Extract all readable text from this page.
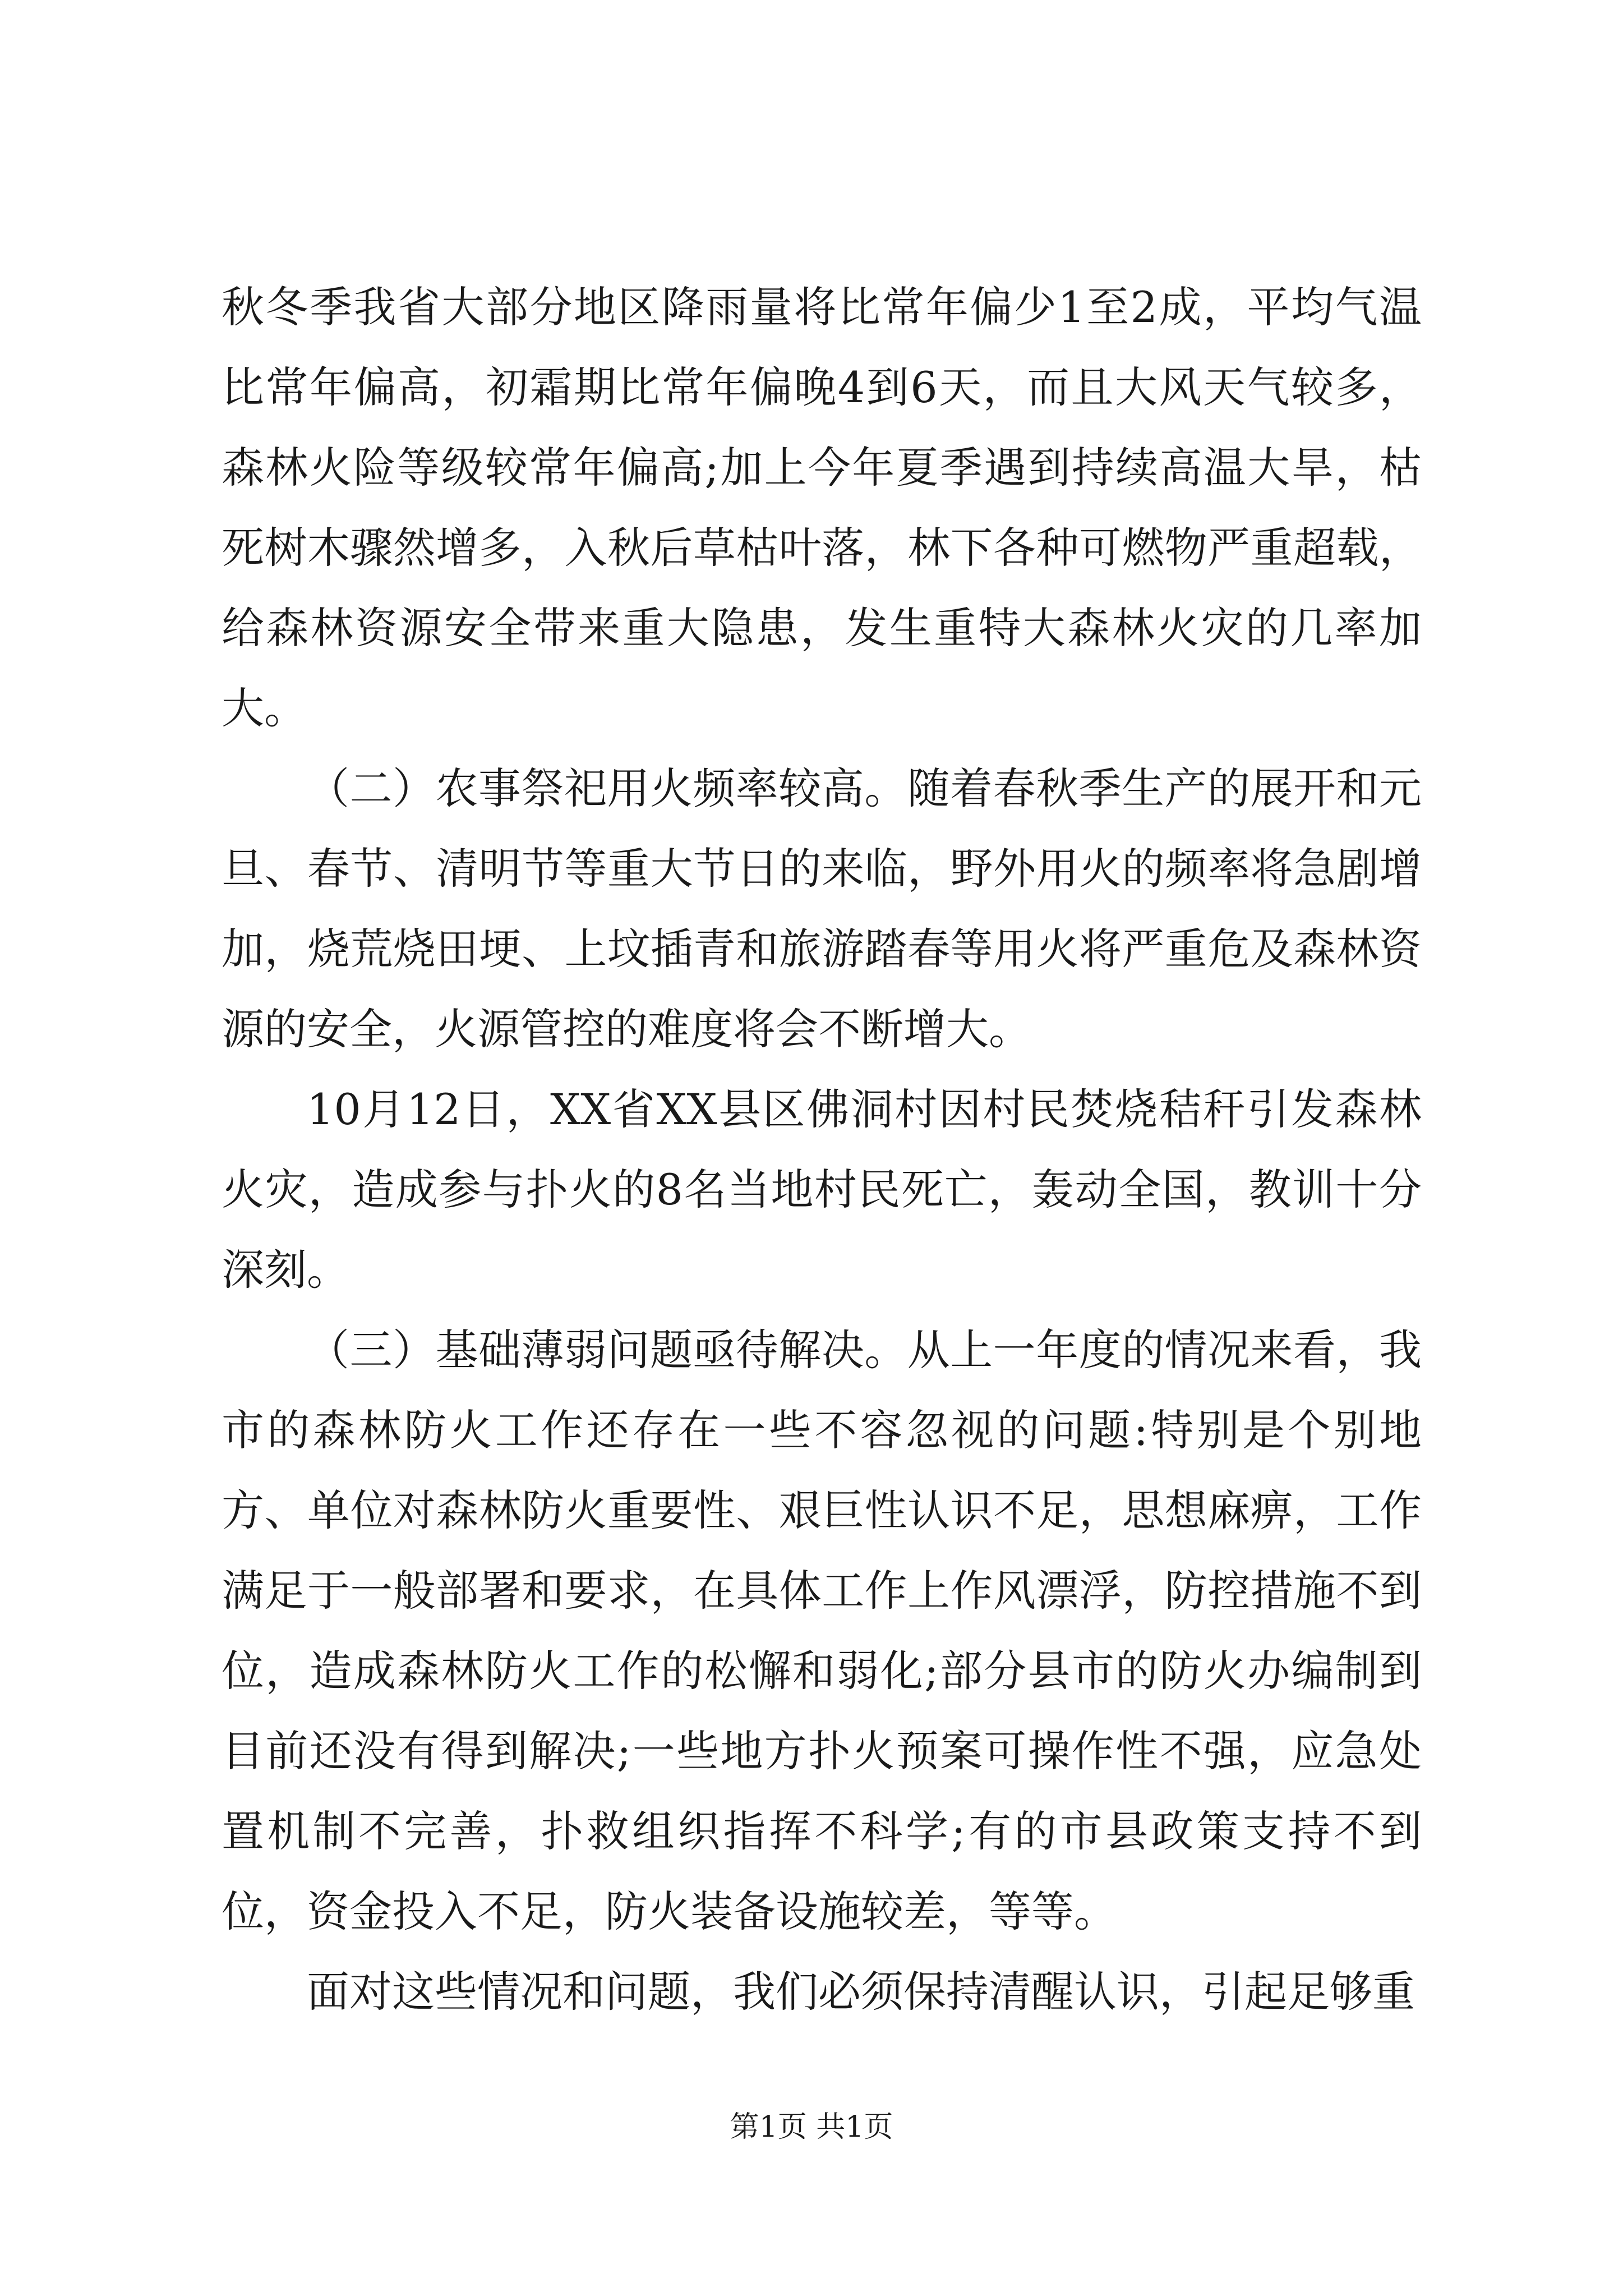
秋冬季我省大部分地区降雨量将比常年偏少1至2成，平均气温比常年偏高，初霜期比常年偏晚4到6天，而且大风天气较多，森林火险等级较常年偏高;加上今年夏季遇到持续高温大旱，枯死树木骤然增多，入秋后草枯叶落，林下各种可燃物严重超载，给森林资源安全带来重大隐患，发生重特大森林火灾的几率加大。

（二）农事祭祀用火频率较高。随着春秋季生产的展开和元旦、春节、清明节等重大节日的来临，野外用火的频率将急剧增加，烧荒烧田埂、上坟插青和旅游踏春等用火将严重危及森林资源的安全，火源管控的难度将会不断增大。

10月12日，XX省XX县区佛洞村因村民焚烧秸秆引发森林火灾，造成参与扑火的8名当地村民死亡，轰动全国，教训十分深刻。

（三）基础薄弱问题亟待解决。从上一年度的情况来看，我市的森林防火工作还存在一些不容忽视的问题:特别是个别地方、单位对森林防火重要性、艰巨性认识不足，思想麻痹，工作满足于一般部署和要求，在具体工作上作风漂浮，防控措施不到位，造成森林防火工作的松懈和弱化;部分县市的防火办编制到目前还没有得到解决;一些地方扑火预案可操作性不强，应急处置机制不完善，扑救组织指挥不科学;有的市县政策支持不到位，资金投入不足，防火装备设施较差，等等。

面对这些情况和问题，我们必须保持清醒认识，引起足够重

第1页 共1页
